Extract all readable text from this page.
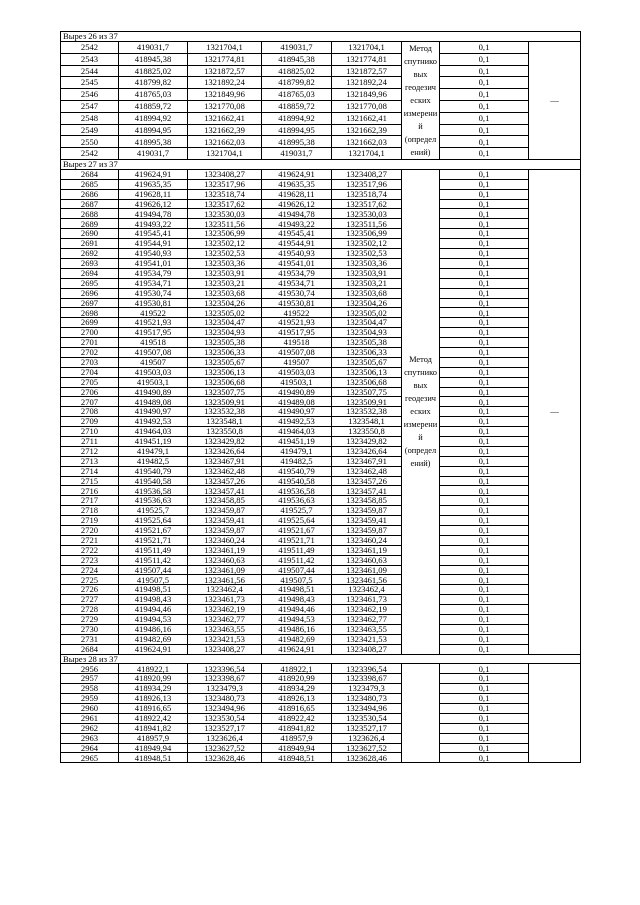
Вырез 26 из 37							
2542	419031,7	1321704,1	419031,7	1321704,1	Метод спутнико вых геодезич еских измерени й (определ ений)	0,1	—
2543	418945,38	1321774,81	418945,38	1321774,81		0,1	
2544	418825,02	1321872,57	418825,02	1321872,57		0,1	
2545	418799,82	1321892,24	418799,82	1321892,24		0,1	
2546	418765,03	1321849,96	418765,03	1321849,96		0,1	
2547	418859,72	1321770,08	418859,72	1321770,08		0,1	
2548	418994,92	1321662,41	418994,92	1321662,41		0,1	
2549	418994,95	1321662,39	418994,95	1321662,39		0,1	
2550	418995,38	1321662,03	418995,38	1321662,03		0,1	
2542	419031,7	1321704,1	419031,7	1321704,1		0,1	
Вырез 27 из 37							
2684	419624,91	1323408,27	419624,91	1323408,27	Метод спутнико вых геодезич еских измерени й (определ ений)	0,1	—
2685	419635,35	1323517,96	419635,35	1323517,96		0,1	
2686	419628,11	1323518,74	419628,11	1323518,74		0,1	
2687	419626,12	1323517,62	419626,12	1323517,62		0,1	
2688	419494,78	1323530,03	419494,78	1323530,03		0,1	
2689	419493,22	1323511,56	419493,22	1323511,56		0,1	
2690	419545,41	1323506,99	419545,41	1323506,99		0,1	
2691	419544,91	1323502,12	419544,91	1323502,12		0,1	
2692	419540,93	1323502,53	419540,93	1323502,53		0,1	
2693	419541,01	1323503,36	419541,01	1323503,36		0,1	
2694	419534,79	1323503,91	419534,79	1323503,91		0,1	
2695	419534,71	1323503,21	419534,71	1323503,21		0,1	
2696	419530,74	1323503,68	419530,74	1323503,68		0,1	
2697	419530,81	1323504,26	419530,81	1323504,26		0,1	
2698	419522	1323505,02	419522	1323505,02		0,1	
2699	419521,93	1323504,47	419521,93	1323504,47		0,1	
2700	419517,95	1323504,93	419517,95	1323504,93		0,1	
2701	419518	1323505,38	419518	1323505,38		0,1	
2702	419507,08	1323506,33	419507,08	1323506,33		0,1	
2703	419507	1323505,67	419507	1323505,67		0,1	
2704	419503,03	1323506,13	419503,03	1323506,13		0,1	
2705	419503,1	1323506,68	419503,1	1323506,68		0,1	
2706	419490,89	1323507,75	419490,89	1323507,75		0,1	
2707	419489,08	1323509,91	419489,08	1323509,91		0,1	
2708	419490,97	1323532,38	419490,97	1323532,38		0,1	
2709	419492,53	1323548,1	419492,53	1323548,1		0,1	
2710	419464,03	1323550,8	419464,03	1323550,8		0,1	
2711	419451,19	1323429,82	419451,19	1323429,82		0,1	
2712	419479,1	1323426,64	419479,1	1323426,64		0,1	
2713	419482,5	1323467,91	419482,5	1323467,91		0,1	
2714	419540,79	1323462,48	419540,79	1323462,48		0,1	
2715	419540,58	1323457,26	419540,58	1323457,26		0,1	
2716	419536,58	1323457,41	419536,58	1323457,41		0,1	
2717	419536,63	1323458,85	419536,63	1323458,85		0,1	
2718	419525,7	1323459,87	419525,7	1323459,87		0,1	
2719	419525,64	1323459,41	419525,64	1323459,41		0,1	
2720	419521,67	1323459,87	419521,67	1323459,87		0,1	
2721	419521,71	1323460,24	419521,71	1323460,24		0,1	
2722	419511,49	1323461,19	419511,49	1323461,19		0,1	
2723	419511,42	1323460,63	419511,42	1323460,63		0,1	
2724	419507,44	1323461,09	419507,44	1323461,09		0,1	
2725	419507,5	1323461,56	419507,5	1323461,56		0,1	
2726	419498,51	1323462,4	419498,51	1323462,4		0,1	
2727	419498,43	1323461,73	419498,43	1323461,73		0,1	
2728	419494,46	1323462,19	419494,46	1323462,19		0,1	
2729	419494,53	1323462,77	419494,53	1323462,77		0,1	
2730	419486,16	1323463,55	419486,16	1323463,55		0,1	
2731	419482,69	1323421,53	419482,69	1323421,53		0,1	
2684	419624,91	1323408,27	419624,91	1323408,27		0,1	
Вырез 28 из 37							
2956	418922,1	1323396,54	418922,1	1323396,54		0,1	
2957	418920,99	1323398,67	418920,99	1323398,67		0,1	
2958	418934,29	1323479,3	418934,29	1323479,3		0,1	
2959	418926,13	1323480,73	418926,13	1323480,73		0,1	
2960	418916,65	1323494,96	418916,65	1323494,96		0,1	
2961	418922,42	1323530,54	418922,42	1323530,54		0,1	
2962	418941,82	1323527,17	418941,82	1323527,17		0,1	
2963	418957,9	1323626,4	418957,9	1323626,4		0,1	
2964	418949,94	1323627,52	418949,94	1323627,52		0,1	
2965	418948,51	1323628,46	418948,51	1323628,46		0,1	
